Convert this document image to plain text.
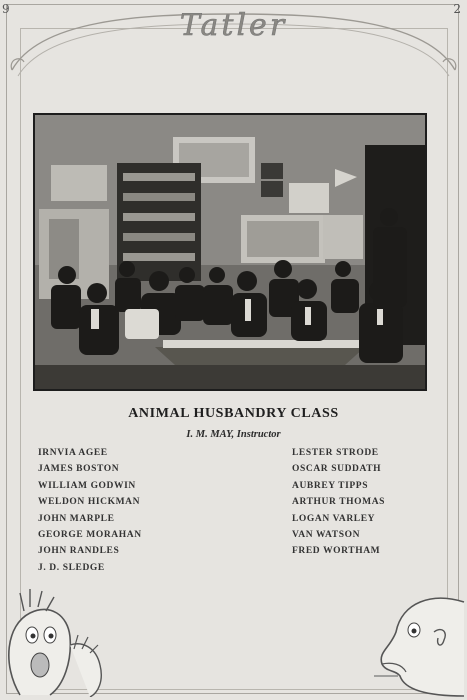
9	2
Tatler
ANIMAL HUSBANDRY CLASS
I. M. MAY, Instructor
IRNVIA AGEE
JAMES BOSTON
WILLIAM GODWIN
WELDON HICKMAN
JOHN MARPLE
GEORGE MORAHAN
JOHN RANDLES
J. D. SLEDGE
LESTER STRODE
OSCAR SUDDATH
AUBREY TIPPS
ARTHUR THOMAS
LOGAN VARLEY
VAN WATSON
FRED WORTHAM
